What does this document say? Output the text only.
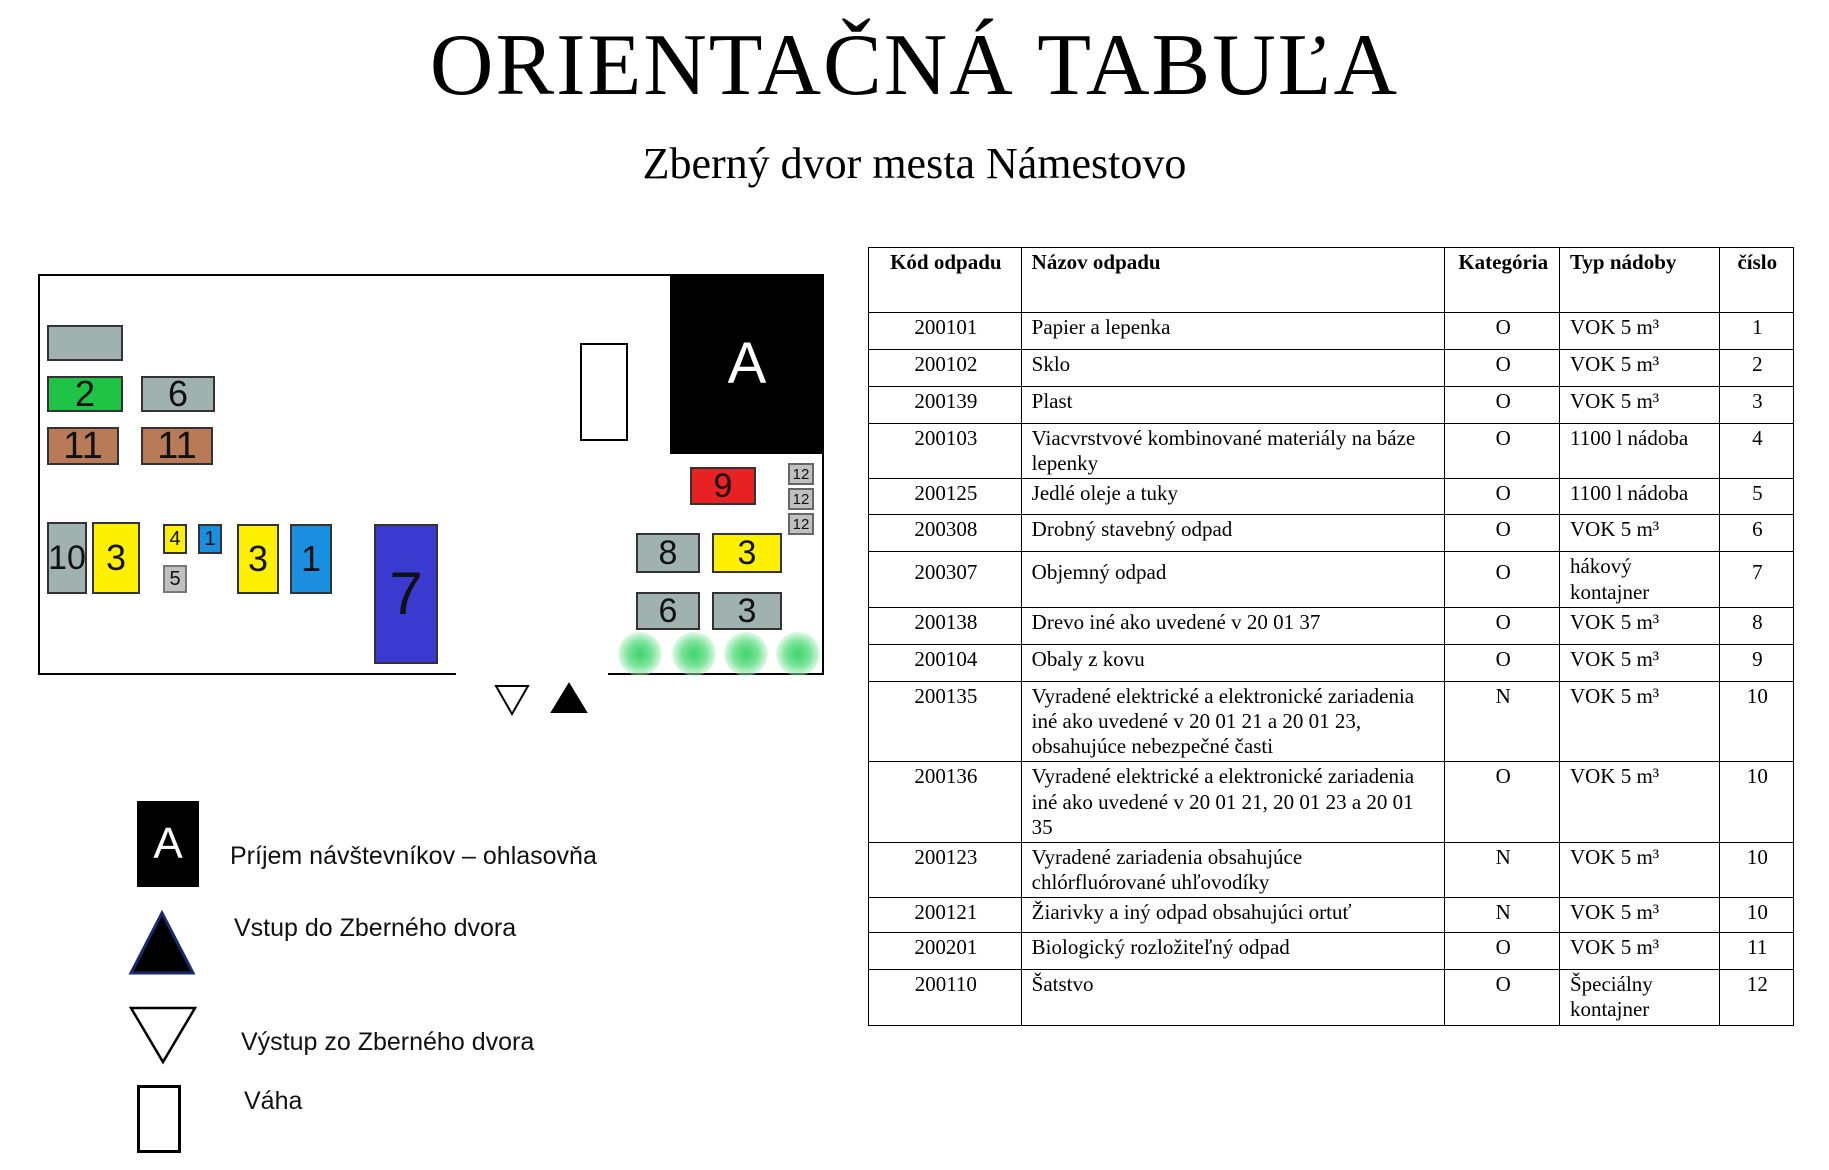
ORIENTAČNÁ TABUĽA
Zberný dvor mesta Námestovo
A
2 6
11 11
10 3 4
5
1 3 1
7
9	12
12
12
8 3
6 3
A Príjem návštevníkov – ohlasovňa
Vstup do Zberného dvora
Výstup zo Zberného dvora
Váha
Kód odpadu	Názov odpadu	Kategória	Typ nádoby	číslo
200101	Papier a lepenka	O	VOK 5 m³	1
200102	Sklo	O	VOK 5 m³	2
200139	Plast	O	VOK 5 m³	3
200103	Viacvrstvové kombinované materiály na báze lepenky	O	1100 l nádoba	4
200125	Jedlé oleje a tuky	O	1100 l nádoba	5
200308	Drobný stavebný odpad	O	VOK 5 m³	6
200307	Objemný odpad	O	hákový kontajner	7
200138	Drevo iné ako uvedené v 20 01 37	O	VOK 5 m³	8
200104	Obaly z kovu	O	VOK 5 m³	9
200135	Vyradené elektrické a elektronické zariadenia iné ako uvedené v 20 01 21 a 20 01 23, obsahujúce nebezpečné časti	N	VOK 5 m³	10
200136	Vyradené elektrické a elektronické zariadenia iné ako uvedené v 20 01 21, 20 01 23 a 20 01 35	O	VOK 5 m³	10
200123	Vyradené zariadenia obsahujúce chlórfluórované uhľovodíky	N	VOK 5 m³	10
200121	Žiarivky a iný odpad obsahujúci ortuť	N	VOK 5 m³	10
200201	Biologický rozložiteľný odpad	O	VOK 5 m³	11
200110	Šatstvo	O	Špeciálny kontajner	12
